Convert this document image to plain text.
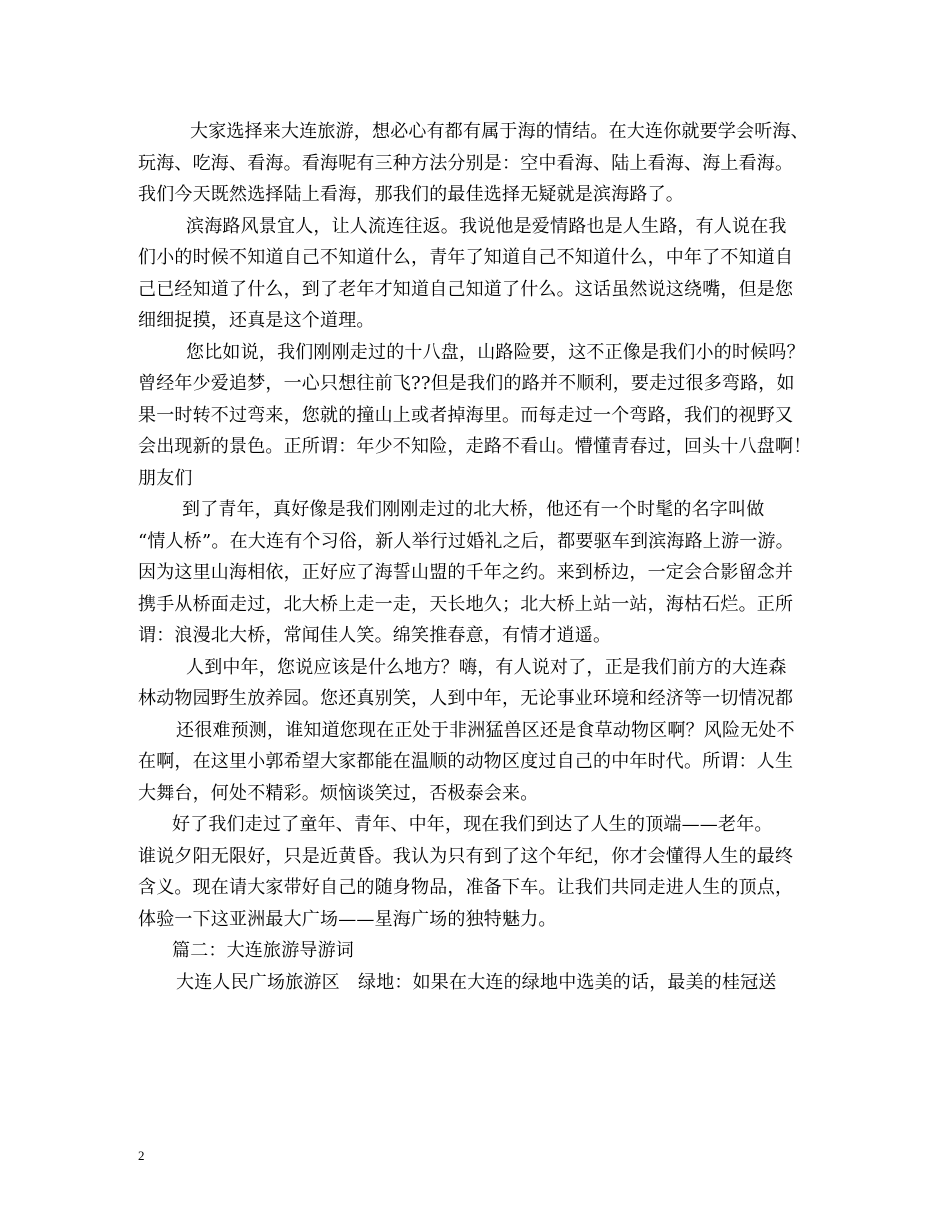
大家选择来大连旅游，想必心有都有属于海的情结。在大连你就要学会听海、
玩海、吃海、看海。看海呢有三种方法分别是：空中看海、陆上看海、海上看海。
我们今天既然选择陆上看海，那我们的最佳选择无疑就是滨海路了。
滨海路风景宜人，让人流连往返。我说他是爱情路也是人生路，有人说在我
们小的时候不知道自己不知道什么，青年了知道自己不知道什么，中年了不知道自
己已经知道了什么，到了老年才知道自己知道了什么。这话虽然说这绕嘴，但是您
细细捉摸，还真是这个道理。
您比如说，我们刚刚走过的十八盘，山路险要，这不正像是我们小的时候吗？
曾经年少爱追梦，一心只想往前飞??但是我们的路并不顺利，要走过很多弯路，如
果一时转不过弯来，您就的撞山上或者掉海里。而每走过一个弯路，我们的视野又
会出现新的景色。正所谓：年少不知险，走路不看山。懵懂青春过，回头十八盘啊！
朋友们
到了青年，真好像是我们刚刚走过的北大桥，他还有一个时髦的名字叫做
“情人桥”。在大连有个习俗，新人举行过婚礼之后，都要驱车到滨海路上游一游。
因为这里山海相依，正好应了海誓山盟的千年之约。来到桥边，一定会合影留念并
携手从桥面走过，北大桥上走一走，天长地久；北大桥上站一站，海枯石烂。正所
谓：浪漫北大桥，常闻佳人笑。绵笑推春意，有情才逍遥。
人到中年，您说应该是什么地方？嗨，有人说对了，正是我们前方的大连森
林动物园野生放养园。您还真别笑，人到中年，无论事业环境和经济等一切情况都
还很难预测，谁知道您现在正处于非洲猛兽区还是食草动物区啊？风险无处不
在啊，在这里小郭希望大家都能在温顺的动物区度过自己的中年时代。所谓：人生
大舞台，何处不精彩。烦恼谈笑过，否极泰会来。
好了我们走过了童年、青年、中年，现在我们到达了人生的顶端——老年。
谁说夕阳无限好，只是近黄昏。我认为只有到了这个年纪，你才会懂得人生的最终
含义。现在请大家带好自己的随身物品，准备下车。让我们共同走进人生的顶点，
体验一下这亚洲最大广场——星海广场的独特魅力。
篇二：大连旅游导游词
大连人民广场旅游区　绿地：如果在大连的绿地中选美的话，最美的桂冠送
2
